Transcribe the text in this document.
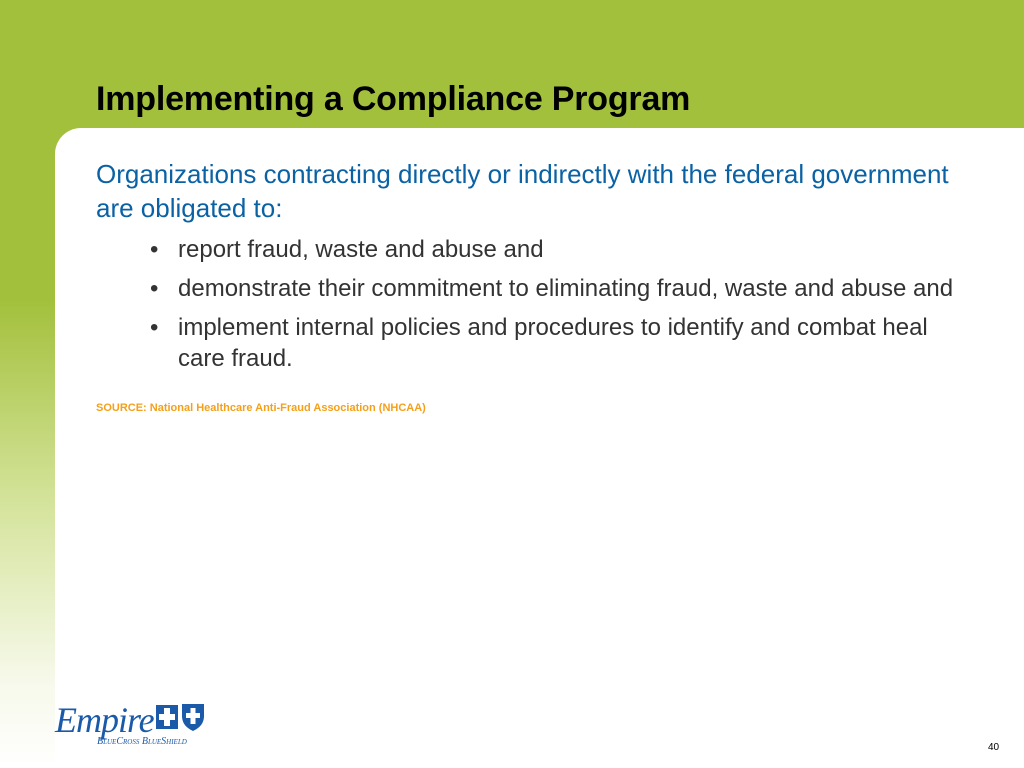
Implementing a Compliance Program

Organizations contracting directly or indirectly with the federal government are obligated to:

• report fraud, waste and abuse and
• demonstrate their commitment to eliminating fraud, waste and abuse and
• implement internal policies and procedures to identify and combat heal care fraud.

SOURCE: National Healthcare Anti-Fraud Association (NHCAA)

Empire
BlueCross BlueShield
40
